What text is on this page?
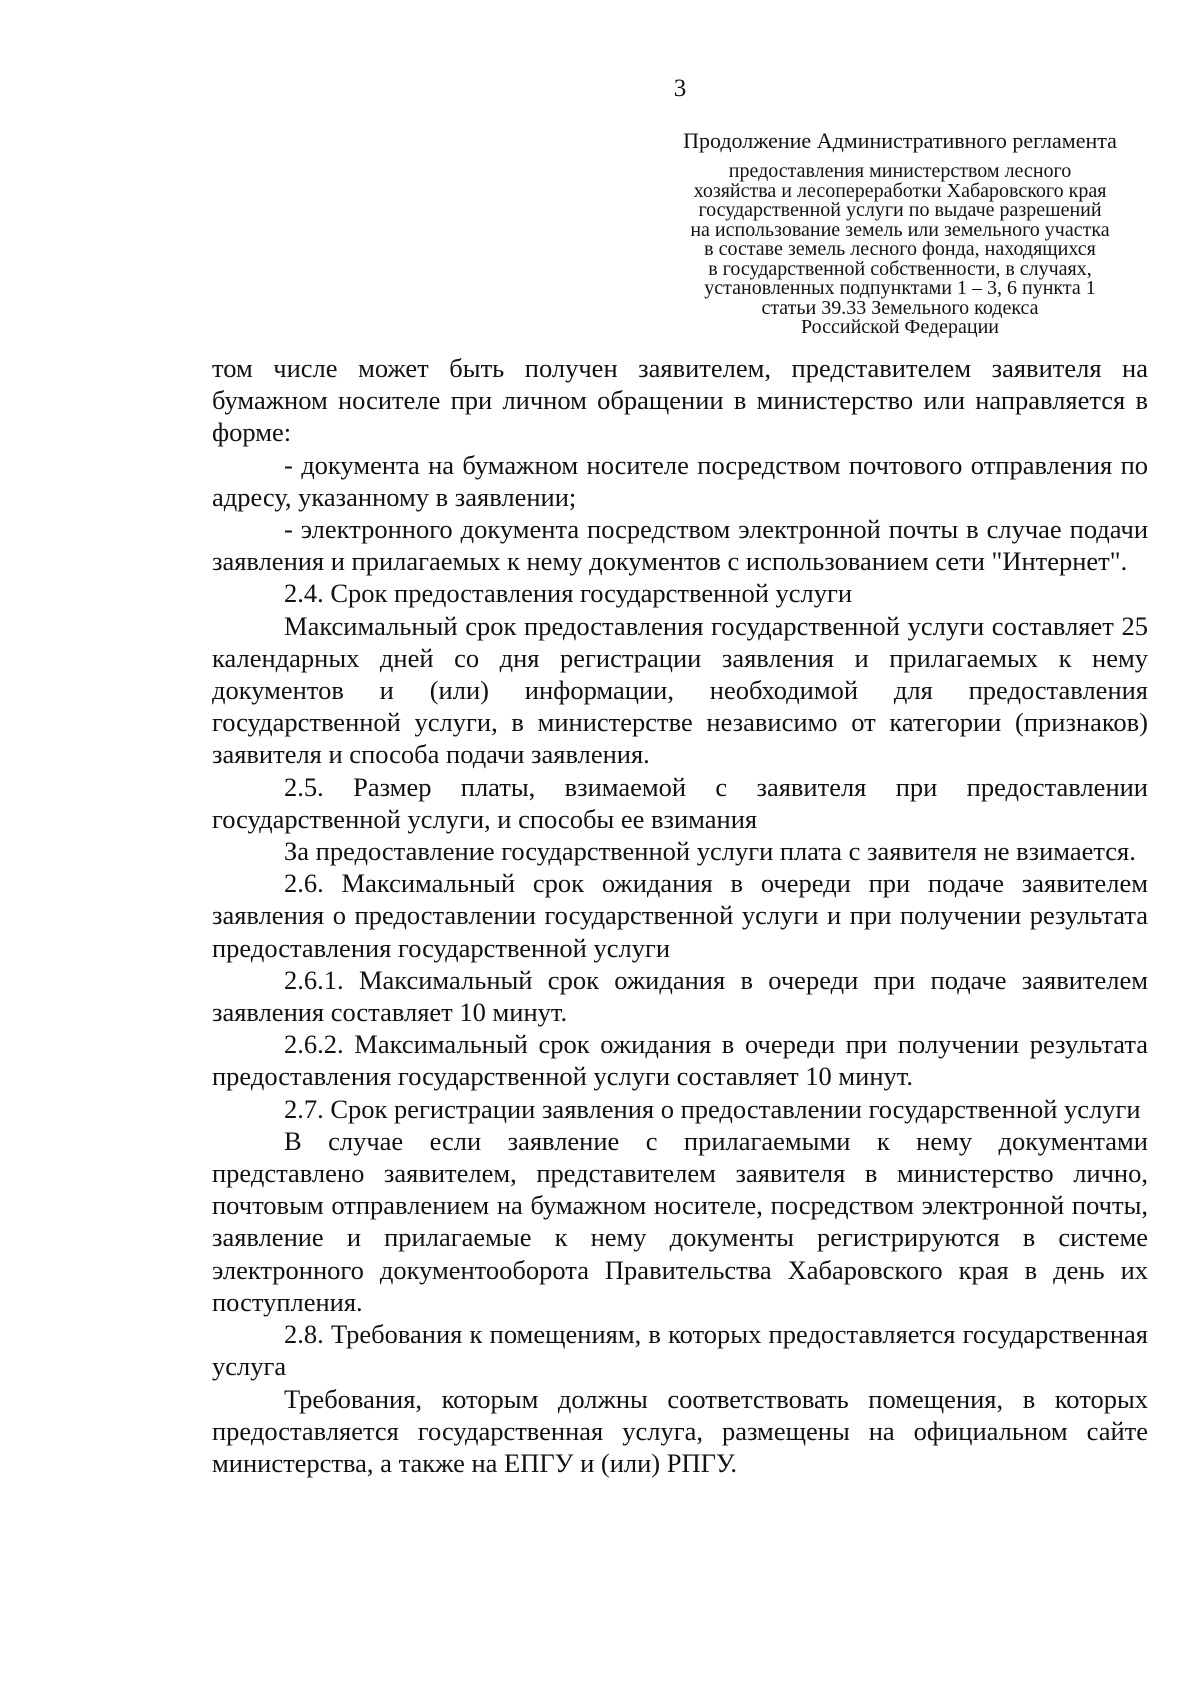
3
Продолжение Административного регламента
предоставления министерством лесного
хозяйства и лесопереработки Хабаровского края
государственной услуги по выдаче разрешений
на использование земель или земельного участка
в составе земель лесного фонда, находящихся
в государственной собственности, в случаях,
установленных подпунктами 1 – 3, 6 пункта 1
статьи 39.33 Земельного кодекса
Российской Федерации

том числе может быть получен заявителем, представителем заявителя на бумажном носителе при личном обращении в министерство или направляется в форме:

- документа на бумажном носителе посредством почтового отправления по адресу, указанному в заявлении;

- электронного документа посредством электронной почты в случае подачи заявления и прилагаемых к нему документов с использованием сети "Интернет".

2.4. Срок предоставления государственной услуги

Максимальный срок предоставления государственной услуги составляет 25 календарных дней со дня регистрации заявления и прилагаемых к нему документов и (или) информации, необходимой для предоставления государственной услуги, в министерстве независимо от категории (признаков) заявителя и способа подачи заявления.

2.5. Размер платы, взимаемой с заявителя при предоставлении государственной услуги, и способы ее взимания

За предоставление государственной услуги плата с заявителя не взимается.

2.6. Максимальный срок ожидания в очереди при подаче заявителем заявления о предоставлении государственной услуги и при получении результата предоставления государственной услуги

2.6.1. Максимальный срок ожидания в очереди при подаче заявителем заявления составляет 10 минут.

2.6.2. Максимальный срок ожидания в очереди при получении результата предоставления государственной услуги составляет 10 минут.

2.7. Срок регистрации заявления о предоставлении государственной услуги

В случае если заявление с прилагаемыми к нему документами представлено заявителем, представителем заявителя в министерство лично, почтовым отправлением на бумажном носителе, посредством электронной почты, заявление и прилагаемые к нему документы регистрируются в системе электронного документооборота Правительства Хабаровского края в день их поступления.

2.8. Требования к помещениям, в которых предоставляется государственная услуга

Требования, которым должны соответствовать помещения, в которых предоставляется государственная услуга, размещены на официальном сайте министерства, а также на ЕПГУ и (или) РПГУ.
